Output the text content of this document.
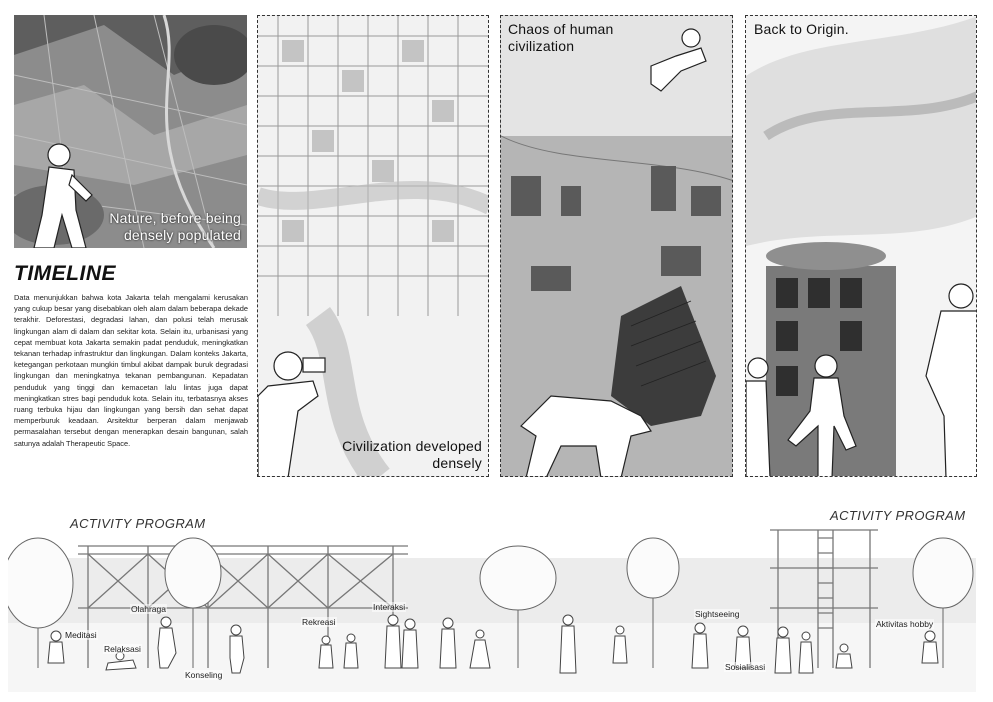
Nature, before being densely populated
Civilization developed densely
Chaos of human civilization
Back to Origin.
TIMELINE
Data menunjukkan bahwa kota Jakarta telah mengalami kerusakan yang cukup besar yang disebabkan oleh alam dalam beberapa dekade terakhir. Deforestasi, degradasi lahan, dan polusi telah merusak lingkungan alam di dalam dan sekitar kota. Selain itu, urbanisasi yang cepat membuat kota Jakarta semakin padat penduduk, meningkatkan tekanan terhadap infrastruktur dan lingkungan. Dalam konteks Jakarta, ketegangan perkotaan mungkin timbul akibat dampak buruk degradasi lingkungan dan meningkatnya tekanan pembangunan. Kepadatan penduduk yang tinggi dan kemacetan lalu lintas juga dapat meningkatkan stres bagi penduduk kota. Selain itu, terbatasnya akses ruang terbuka hijau dan lingkungan yang bersih dan sehat dapat memperburuk keadaan. Arsitektur berperan dalam menjawab permasalahan tersebut dengan menerapkan desain bangunan, salah satunya adalah Therapeutic Space.
ACTIVITY PROGRAM
ACTIVITY PROGRAM
Meditasi
Relaksasi
Olahraga
Konseling
Rekreasi
Interaksi
Sightseeing
Sosialisasi
Aktivitas hobby
